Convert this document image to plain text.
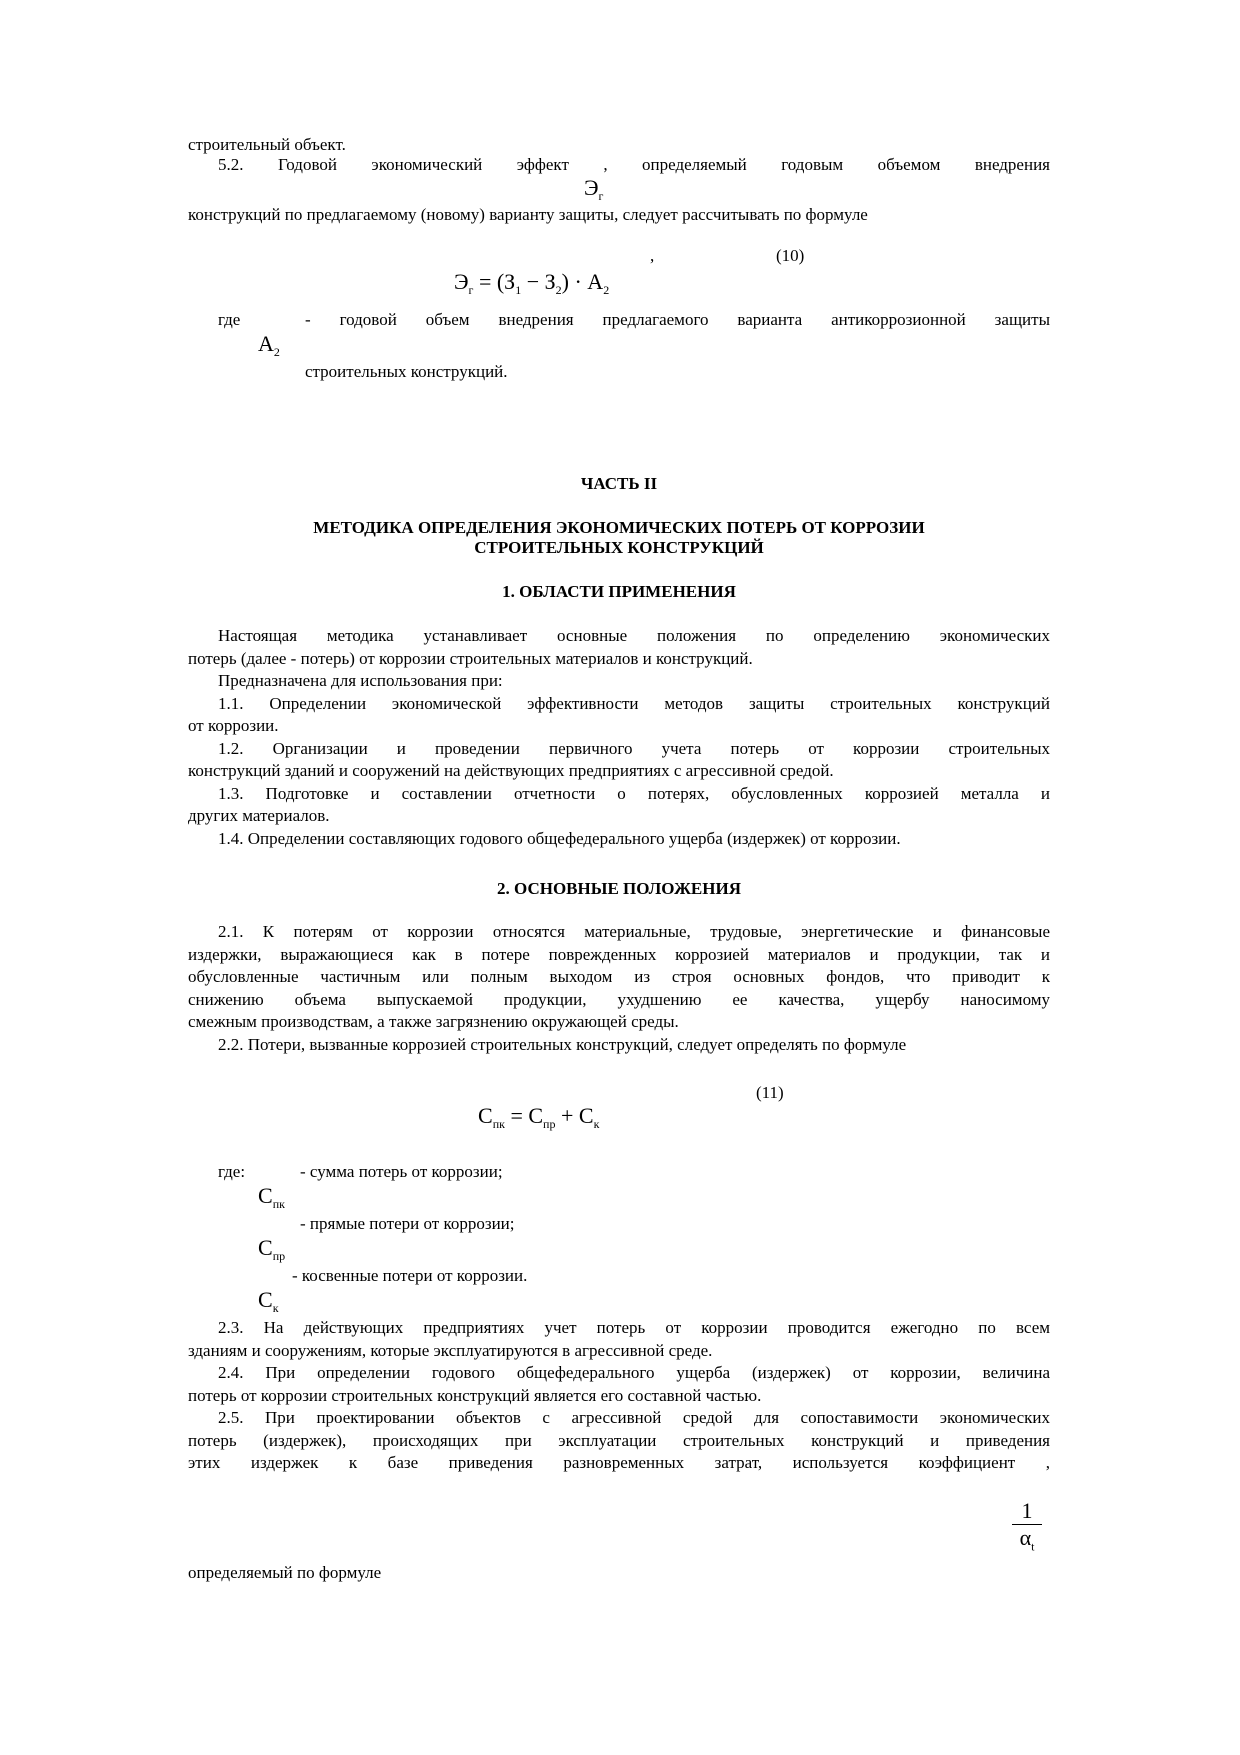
строительный объект.
5.2. Годовой экономический эффект , определяемый годовым объемом внедрения
$Э_г$
конструкций по предлагаемому (новому) варианту защиты, следует рассчитывать по формуле
$Э_г = (З_1 - З_2) \cdot А_2$
,	(10)
где	- годовой объем внедрения предлагаемого варианта антикоррозионной защиты
$А_2$
строительных конструкций.
ЧАСТЬ II
МЕТОДИКА ОПРЕДЕЛЕНИЯ ЭКОНОМИЧЕСКИХ ПОТЕРЬ ОТ КОРРОЗИИ
СТРОИТЕЛЬНЫХ КОНСТРУКЦИЙ
1. ОБЛАСТИ ПРИМЕНЕНИЯ
Настоящая методика устанавливает основные положения по определению экономических
потерь (далее - потерь) от коррозии строительных материалов и конструкций.
Предназначена для использования при:
1.1. Определении экономической эффективности методов защиты строительных конструкций
от коррозии.
1.2. Организации и проведении первичного учета потерь от коррозии строительных
конструкций зданий и сооружений на действующих предприятиях с агрессивной средой.
1.3. Подготовке и составлении отчетности о потерях, обусловленных коррозией металла и
других материалов.
1.4. Определении составляющих годового общефедерального ущерба (издержек) от коррозии.
2. ОСНОВНЫЕ ПОЛОЖЕНИЯ
2.1. К потерям от коррозии относятся материальные, трудовые, энергетические и финансовые
издержки, выражающиеся как в потере поврежденных коррозией материалов и продукции, так и
обусловленные частичным или полным выходом из строя основных фондов, что приводит к
снижению объема выпускаемой продукции, ухудшению ее качества, ущербу наносимому
смежным производствам, а также загрязнению окружающей среды.
2.2. Потери, вызванные коррозией строительных конструкций, следует определять по формуле
$С_{пк} = С_{пр} + С_к$
(11)
где:	- сумма потерь от коррозии;
$С_{пк}$
- прямые потери от коррозии;
$С_{пр}$
- косвенные потери от коррозии.
$С_к$
2.3. На действующих предприятиях учет потерь от коррозии проводится ежегодно по всем
зданиям и сооружениям, которые эксплуатируются в агрессивной среде.
2.4. При определении годового общефедерального ущерба (издержек) от коррозии, величина
потерь от коррозии строительных конструкций является его составной частью.
2.5. При проектировании объектов с агрессивной средой для сопоставимости экономических
потерь (издержек), происходящих при эксплуатации строительных конструкций и приведения
этих издержек к базе приведения разновременных затрат, используется коэффициент ,
1
$\alpha_t$
определяемый по формуле
